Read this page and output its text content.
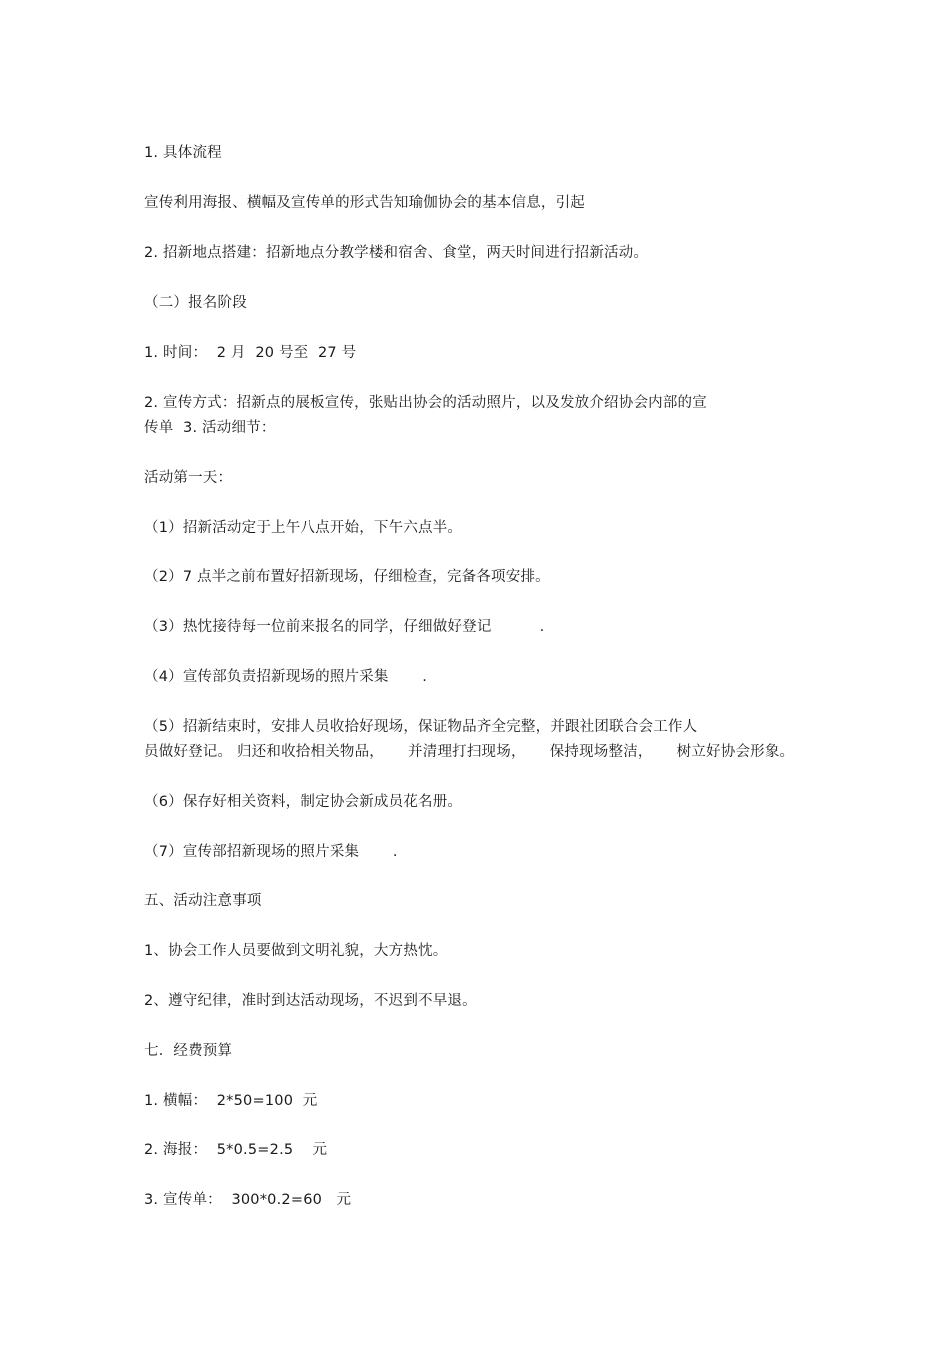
1. 具体流程
宣传利用海报、横幅及宣传单的形式告知瑜伽协会的基本信息，引起
2. 招新地点搭建：招新地点分教学楼和宿舍、食堂，两天时间进行招新活动。
（二）报名阶段
1. 时间：  2 月  20 号至  27 号
2. 宣传方式：招新点的展板宣传，张贴出协会的活动照片，以及发放介绍协会内部的宣
传单  3. 活动细节：
活动第一天：
（1）招新活动定于上午八点开始，下午六点半。
（2）7 点半之前布置好招新现场，仔细检查，完备各项安排。
（3）热忱接待每一位前来报名的同学，仔细做好登记          .
（4）宣传部负责招新现场的照片采集       .
（5）招新结束时，安排人员收拾好现场，保证物品齐全完整，并跟社团联合会工作人
员做好登记。 归还和收拾相关物品，     并清理打扫现场，     保持现场整洁，     树立好协会形象。
（6）保存好相关资料，制定协会新成员花名册。
（7）宣传部招新现场的照片采集       .
五、活动注意事项
1、协会工作人员要做到文明礼貌，大方热忱。
2、遵守纪律，准时到达活动现场，不迟到不早退。
七．经费预算
1. 横幅：  2*50=100  元
2. 海报：  5*0.5=2.5    元
3. 宣传单：  300*0.2=60   元
